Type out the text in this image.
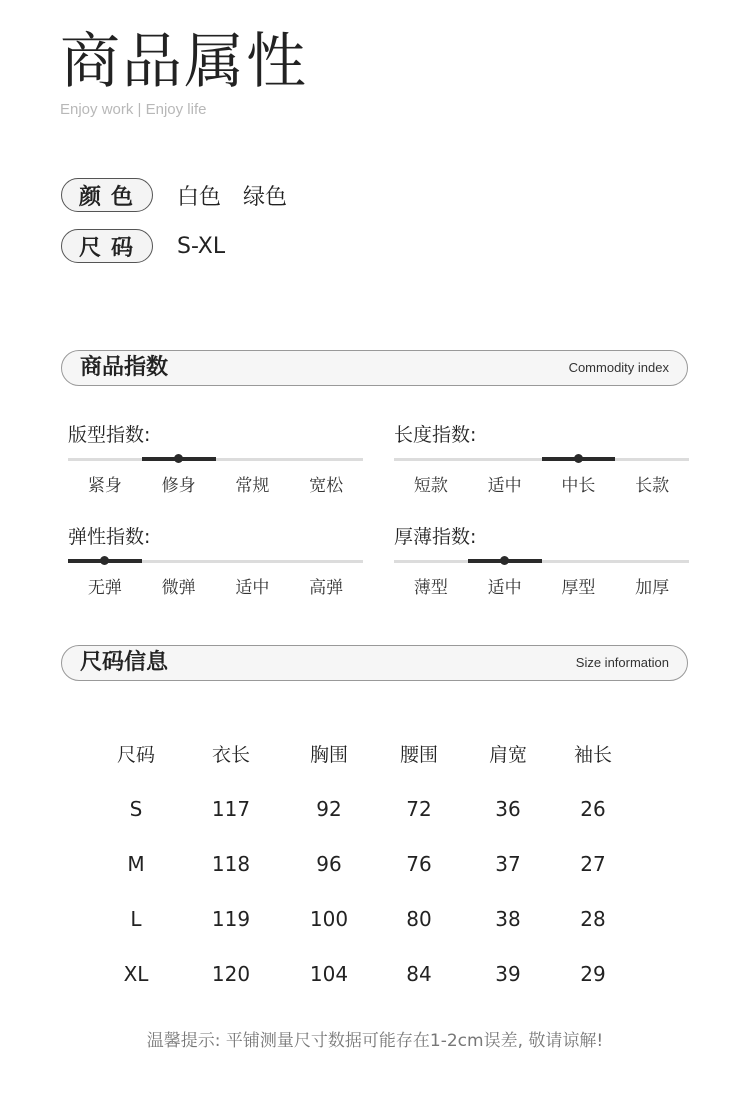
商品属性
Enjoy work | Enjoy life
颜色	白色 绿色
尺码	S-XL
商品指数	Commodity index
版型指数:
紧身	修身	常规	宽松
长度指数:
短款	适中	中长	长款
弹性指数:
无弹	微弹	适中	高弹
厚薄指数:
薄型	适中	厚型	加厚
尺码信息	Size information
尺码	衣长	胸围	腰围	肩宽	袖长
S	117	92	72	36	26
M	118	96	76	37	27
L	119	100	80	38	28
XL	120	104	84	39	29
温馨提示: 平铺测量尺寸数据可能存在1-2cm误差, 敬请谅解!
